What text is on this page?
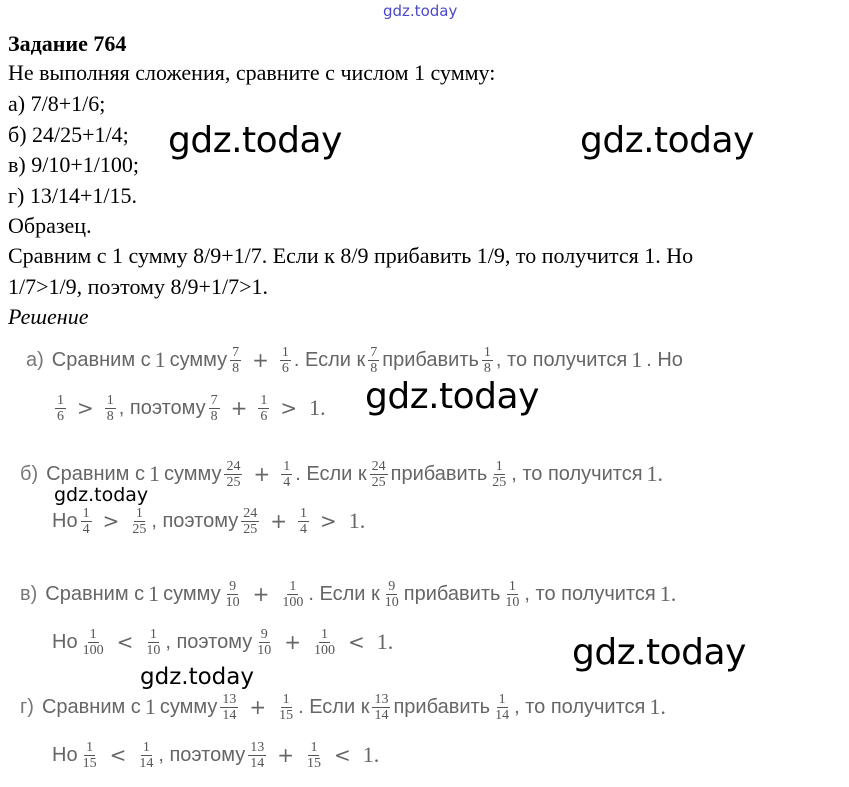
gdz.today
gdz.today	gdz.today
gdz.today
gdz.today
gdz.today
gdz.today
Задание 764
Не выполняя сложения, сравните с числом 1 сумму:
а) 7/8+1/6;
б) 24/25+1/4;
в) 9/10+1/100;
г) 13/14+1/15.
Образец.
Сравним с 1 сумму 8/9+1/7. Если к 8/9 прибавить 1/9, то получится 1. Но
1/7>1/9, поэтому 8/9+1/7>1.
Решение
а) Сравним с 1 сумму $\frac{7}{8} + \frac{1}{6}$ . Если к $\frac{7}{8}$ прибавить $\frac{1}{8}$ , то получится 1 . Но
$\frac{1}{6} > \frac{1}{8}$ , поэтому $\frac{7}{8} + \frac{1}{6} > 1$.
б) Сравним с 1 сумму $\frac{24}{25} + \frac{1}{4}$ . Если к $\frac{24}{25}$ прибавить $\frac{1}{25}$ , то получится 1.
Но $\frac{1}{4} > \frac{1}{25}$ , поэтому $\frac{24}{25} + \frac{1}{4} > 1$.
в) Сравним с 1 сумму $\frac{9}{10} + \frac{1}{100}$ . Если к $\frac{9}{10}$ прибавить $\frac{1}{10}$ , то получится 1.
Но $\frac{1}{100} < \frac{1}{10}$ , поэтому $\frac{9}{10} + \frac{1}{100} < 1$.
г) Сравним с 1 сумму $\frac{13}{14} + \frac{1}{15}$ . Если к $\frac{13}{14}$ прибавить $\frac{1}{14}$ , то получится 1.
Но $\frac{1}{15} < \frac{1}{14}$ , поэтому $\frac{13}{14} + \frac{1}{15} < 1$.
